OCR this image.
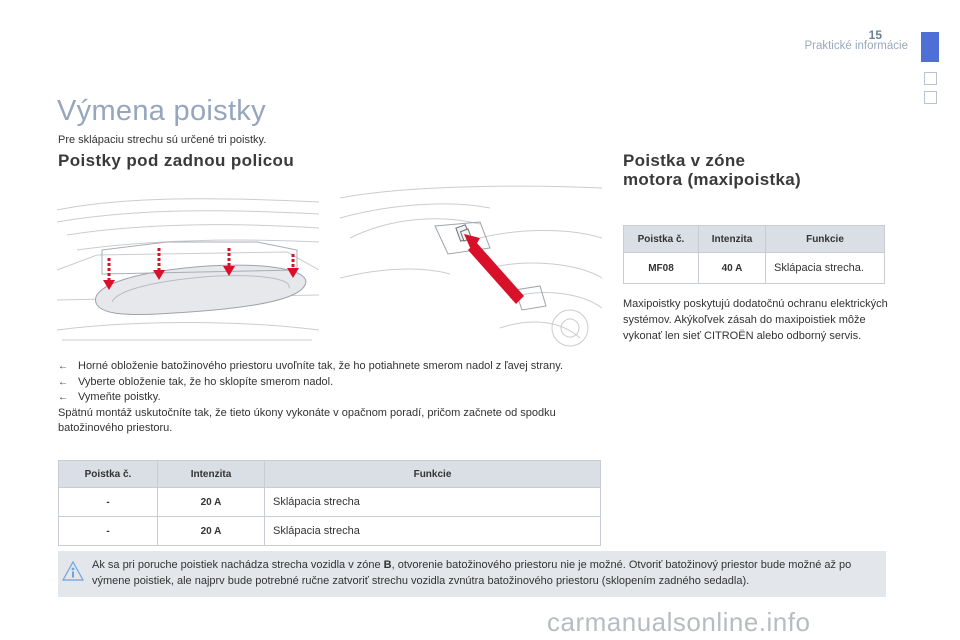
15
Praktické informácie
Výmena poistky
Pre sklápaciu strechu sú určené tri poistky.
Poistky pod zadnou policou	Poistka v zóne motora (maxipoistka)
← Horné obloženie batožinového priestoru uvoľníte tak, že ho potiahnete smerom nadol z ľavej strany.
← Vyberte obloženie tak, že ho sklopíte smerom nadol.
← Vymeňte poistky.
Spätnú montáž uskutočníte tak, že tieto úkony vykonáte v opačnom poradí, pričom začnete od spodku batožinového priestoru.
Poistka č.	Intenzita	Funkcie
-	20 A	Sklápacia strecha
-	20 A	Sklápacia strecha
Poistka č.	Intenzita	Funkcie
MF08	40 A	Sklápacia strecha.
Maxipoistky poskytujú dodatočnú ochranu elektrických systémov. Akýkoľvek zásah do maxipoistiek môže vykonať len sieť CITROËN alebo odborný servis.
Ak sa pri poruche poistiek nachádza strecha vozidla v zóne B, otvorenie batožinového priestoru nie je možné. Otvoriť batožinový priestor bude možné až po výmene poistiek, ale najprv bude potrebné ručne zatvoriť strechu vozidla zvnútra batožinového priestoru (sklopením zadného sedadla).
carmanualsonline.info
